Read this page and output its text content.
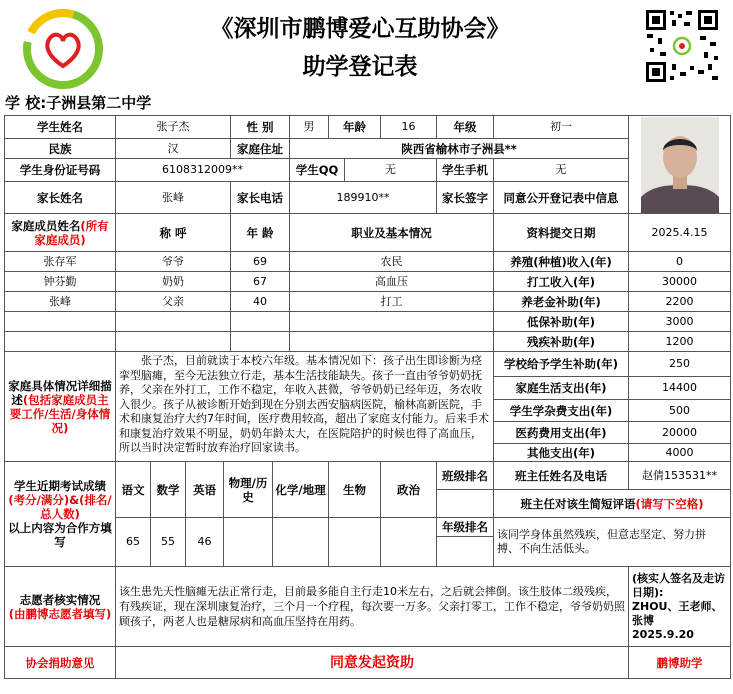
《深圳市鹏博爱心互助协会》
助学登记表
学 校:子洲县第二中学
学生姓名	张子杰				性 别		男	年龄		16	年级	初一	

民族	汉				家庭住址		陕西省榆林市子洲县**						
学生身份证号码	6108312009**						学生QQ		无		学生手机	无	
家长姓名	张峰				家长电话		189910**				家长签字	同意公开登记表中信息	
家庭成员姓名(所有家庭成员)	称 呼				年 龄		职业及基本情况					资料提交日期	2025.4.15
张存军	爷爷				69		农民					养殖(种植)收入(年)	0
钟芬勤	奶奶				67		高血压					打工收入(年)	30000
张峰	父亲				40		打工					养老金补助(年)	2200
												低保补助(年)	3000
												残疾补助(年)	1200
家庭具体情况详细描述(包括家庭成员主要工作/生活/身体情况)	张子杰，目前就读于本校六年级。基本情况如下：孩子出生即诊断为痉挛型脑瘫，至今无法独立行走，基本生活技能缺失。孩子一直由爷爷奶奶抚养，父亲在外打工，工作不稳定，年收入甚微，爷爷奶奶已经年迈，务农收入很少。孩子从被诊断开始到现在分别去西安脑病医院，榆林高新医院，手术和康复治疗大约7年时间，医疗费用较高，超出了家庭支付能力。后来手术和康复治疗效果不明显，奶奶年龄太大，在医院陪护的时候也得了高血压，所以当时决定暂时放弃治疗回家读书。											学校给予学生补助(年)	250
												家庭生活支出(年)	14400
												学生学杂费支出(年)	500
												医药费用支出(年)	20000
												其他支出(年)	4000
学生近期考试成绩
(考分/满分)&(排名/总人数)
以上内容为合作方填写	语文	数学	英语	物理/历史		化学/地理		生物		政治	班级排名	班主任姓名及电话	赵倩153531**
												班主任对该生简短评语(请写下空格)	
	65	55	46								年级排名	该同学身体虽然残疾，但意志坚定、努力拼搏、不向生活低头。	

志愿者核实情况
(由鹏博志愿者填写)	该生患先天性脑瘫无法正常行走，目前最多能自主行走10米左右，之后就会摔倒。该生肢体二级残疾，有残疾证，现在深圳康复治疗，三个月一个疗程，每次要一万多。父亲打零工，工作不稳定，爷爷奶奶照顾孩子，两老人也是糖尿病和高血压坚持在用药。												(核实人签名及走访日期):
ZHOU、王老师、张博
2025.9.20
协会捐助意见	同意发起资助												鹏博助学
